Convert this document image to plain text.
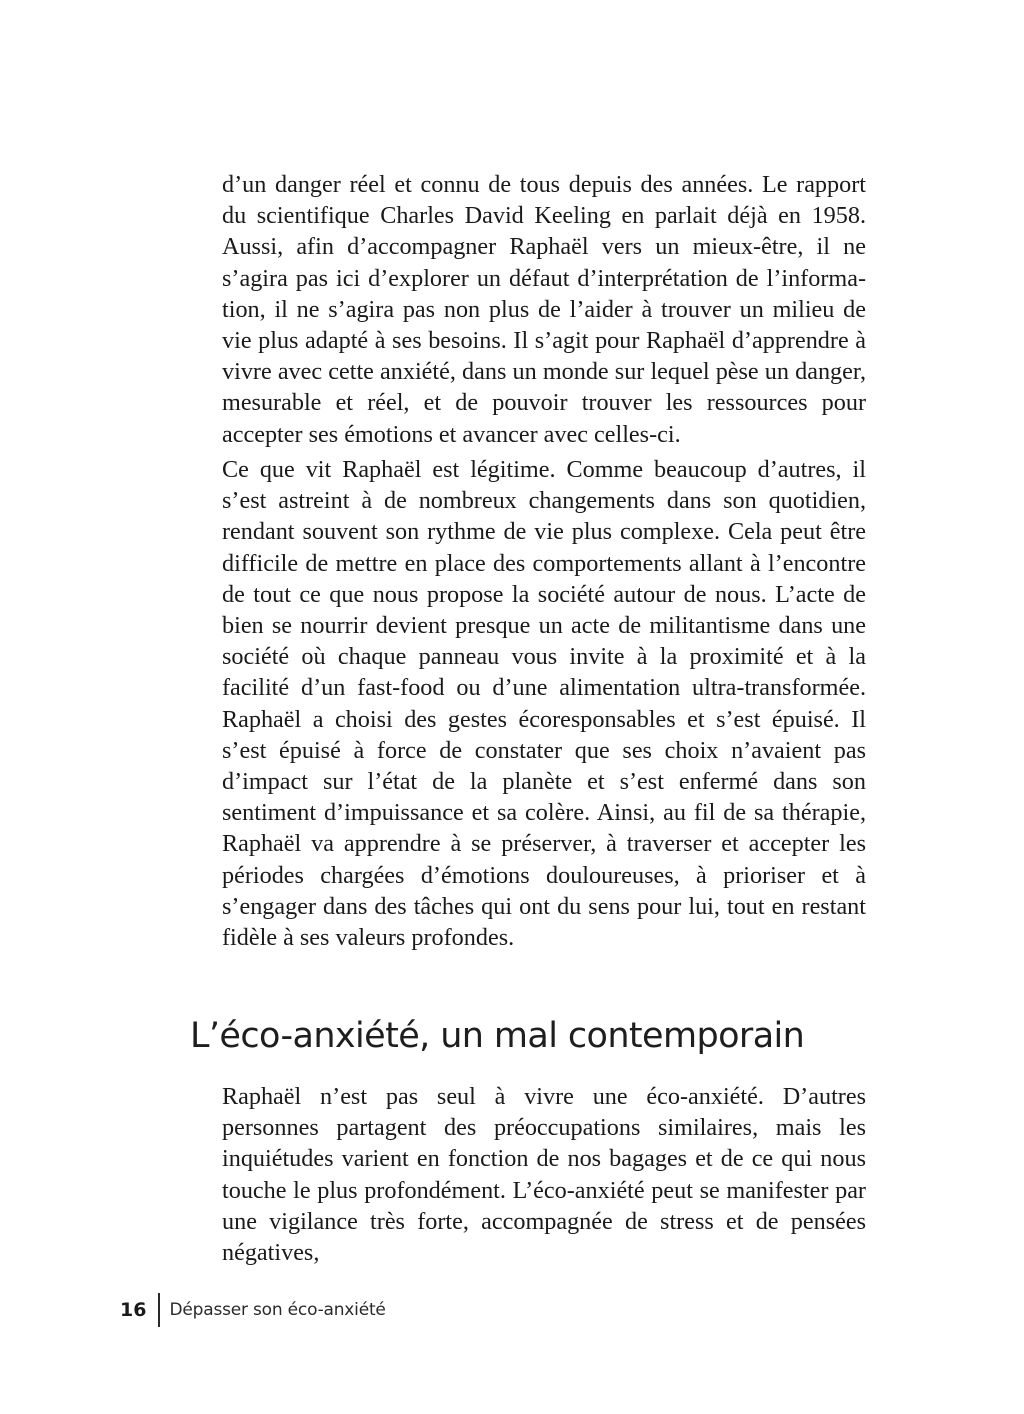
d’un danger réel et connu de tous depuis des années. Le rapport du scientifique Charles David Keeling en parlait déjà en 1958. Aussi, afin d’accompagner Raphaël vers un mieux-être, il ne s’agira pas ici d’explorer un défaut d’interprétation de l’information, il ne s’agira pas non plus de l’aider à trouver un milieu de vie plus adapté à ses besoins. Il s’agit pour Raphaël d’apprendre à vivre avec cette anxiété, dans un monde sur lequel pèse un danger, mesurable et réel, et de pouvoir trouver les ressources pour accepter ses émotions et avancer avec celles-ci.

Ce que vit Raphaël est légitime. Comme beaucoup d’autres, il s’est astreint à de nombreux changements dans son quotidien, rendant souvent son rythme de vie plus complexe. Cela peut être difficile de mettre en place des comportements allant à l’encontre de tout ce que nous propose la société autour de nous. L’acte de bien se nourrir devient presque un acte de militantisme dans une société où chaque panneau vous invite à la proximité et à la facilité d’un fast-food ou d’une alimentation ultra-transformée. Raphaël a choisi des gestes écoresponsables et s’est épuisé. Il s’est épuisé à force de constater que ses choix n’avaient pas d’impact sur l’état de la planète et s’est enfermé dans son sentiment d’impuissance et sa colère. Ainsi, au fil de sa thérapie, Raphaël va apprendre à se préserver, à traverser et accepter les périodes chargées d’émotions douloureuses, à prioriser et à s’engager dans des tâches qui ont du sens pour lui, tout en restant fidèle à ses valeurs profondes.

L’éco-anxiété, un mal contemporain

Raphaël n’est pas seul à vivre une éco-anxiété. D’autres personnes partagent des préoccupations similaires, mais les inquiétudes varient en fonction de nos bagages et de ce qui nous touche le plus profondément. L’éco-anxiété peut se manifester par une vigilance très forte, accompagnée de stress et de pensées négatives,

16 Dépasser son éco-anxiété
